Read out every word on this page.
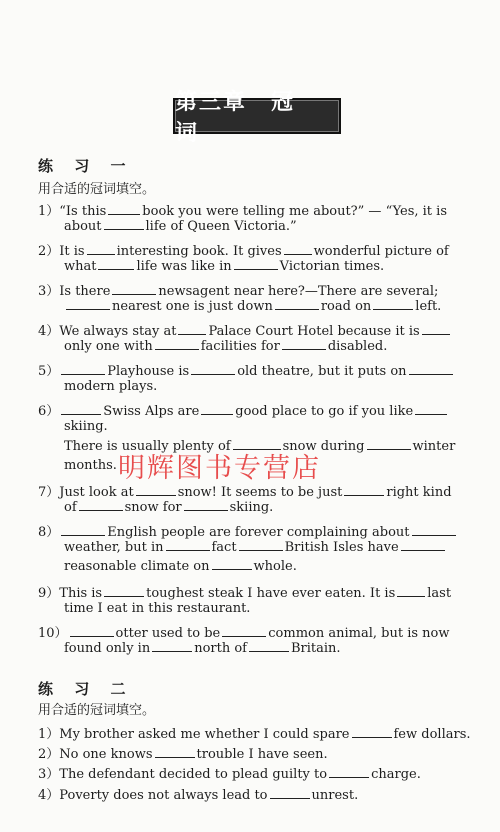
第三章　冠　词
练 习 一
用合适的冠词填空。
1）“Is this	book you were telling me about?” — “Yes, it is
about	life of Queen Victoria.”
2）It is interesting book. It gives wonderful picture of
what	life was like in	Victorian times.
3）Is there	newsagent near here?—There are several;
nearest one is just down	road on	left.
4）We always stay at Palace Court Hotel because it is
only one with	facilities for	disabled.
5）	Playhouse is	old theatre, but it puts on
modern plays.
6）	Swiss Alps are	good place to go if you like
skiing.
There is usually plenty of	snow during	winter
months.
7）Just look at	snow! It seems to be just	right kind
of	snow for	skiing.
8）	English people are forever complaining about
weather, but in	fact	British Isles have
reasonable climate on	whole.
9）This is	toughest steak I have ever eaten. It is last
time I eat in this restaurant.
10）	otter used to be	common animal, but is now
found only in	north of	Britain.
练 习 二
用合适的冠词填空。
1）My brother asked me whether I could spare	few dollars.
2）No one knows	trouble I have seen.
3）The defendant decided to plead guilty to	charge.
4）Poverty does not always lead to	unrest.
明辉图书专营店
